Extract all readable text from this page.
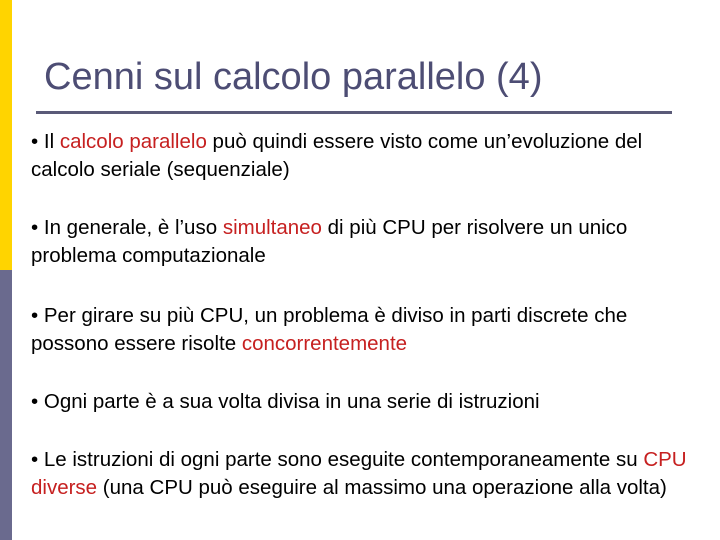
Cenni sul calcolo parallelo (4)
• Il calcolo parallelo può quindi essere visto come un’evoluzione del calcolo seriale (sequenziale)
• In generale, è l’uso simultaneo di più CPU per risolvere un unico problema computazionale
• Per girare su più CPU, un problema è diviso in parti discrete che possono essere risolte concorrentemente
• Ogni parte è a sua volta divisa in una serie di istruzioni
• Le istruzioni di ogni parte sono eseguite contemporaneamente su CPU diverse (una CPU può eseguire al massimo una operazione alla volta)
